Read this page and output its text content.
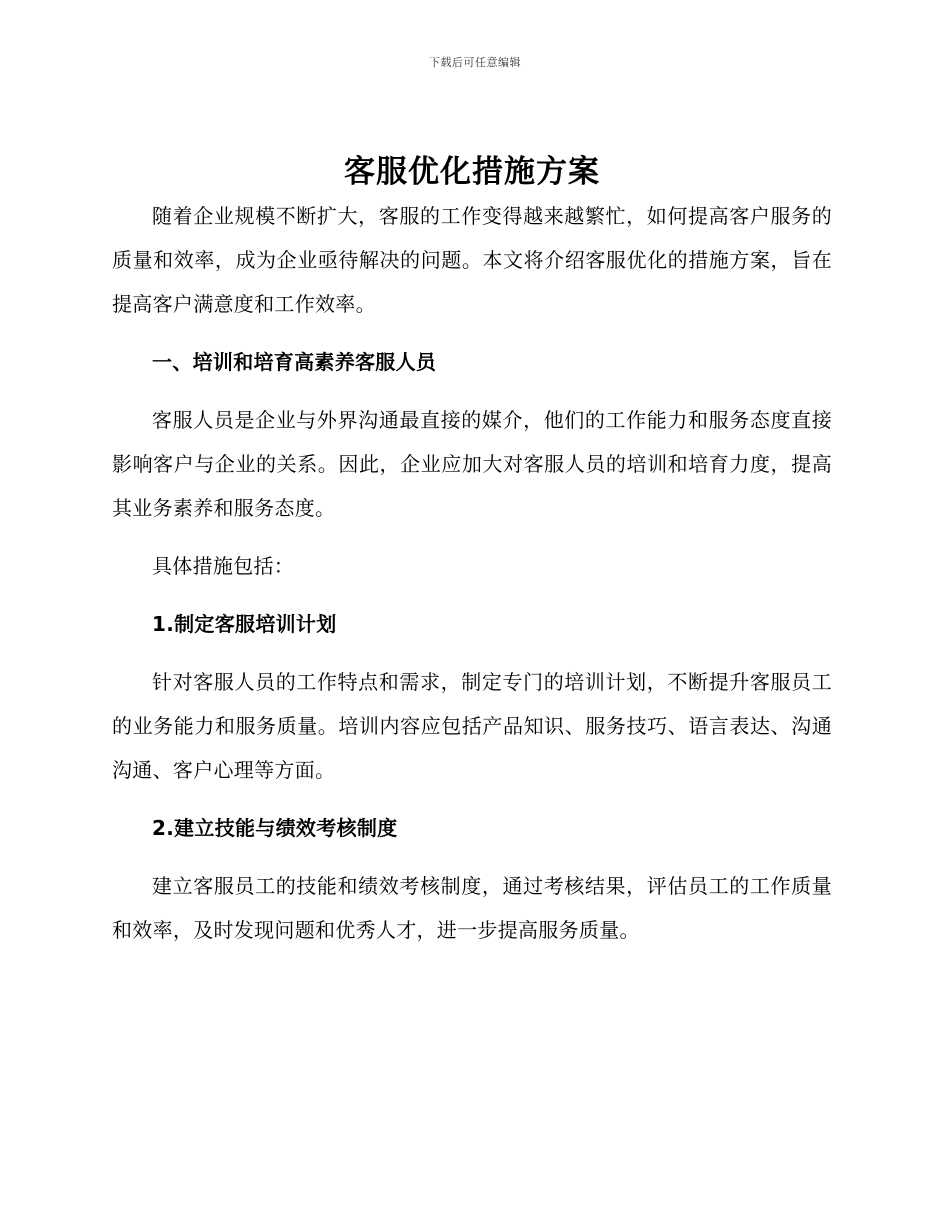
下载后可任意编辑
客服优化措施方案

随着企业规模不断扩大，客服的工作变得越来越繁忙，如何提高客户服务的质量和效率，成为企业亟待解决的问题。本文将介绍客服优化的措施方案，旨在提高客户满意度和工作效率。

一、培训和培育高素养客服人员

客服人员是企业与外界沟通最直接的媒介，他们的工作能力和服务态度直接影响客户与企业的关系。因此，企业应加大对客服人员的培训和培育力度，提高其业务素养和服务态度。

具体措施包括：

1.制定客服培训计划

针对客服人员的工作特点和需求，制定专门的培训计划，不断提升客服员工的业务能力和服务质量。培训内容应包括产品知识、服务技巧、语言表达、沟通沟通、客户心理等方面。

2.建立技能与绩效考核制度

建立客服员工的技能和绩效考核制度，通过考核结果，评估员工的工作质量和效率，及时发现问题和优秀人才，进一步提高服务质量。
